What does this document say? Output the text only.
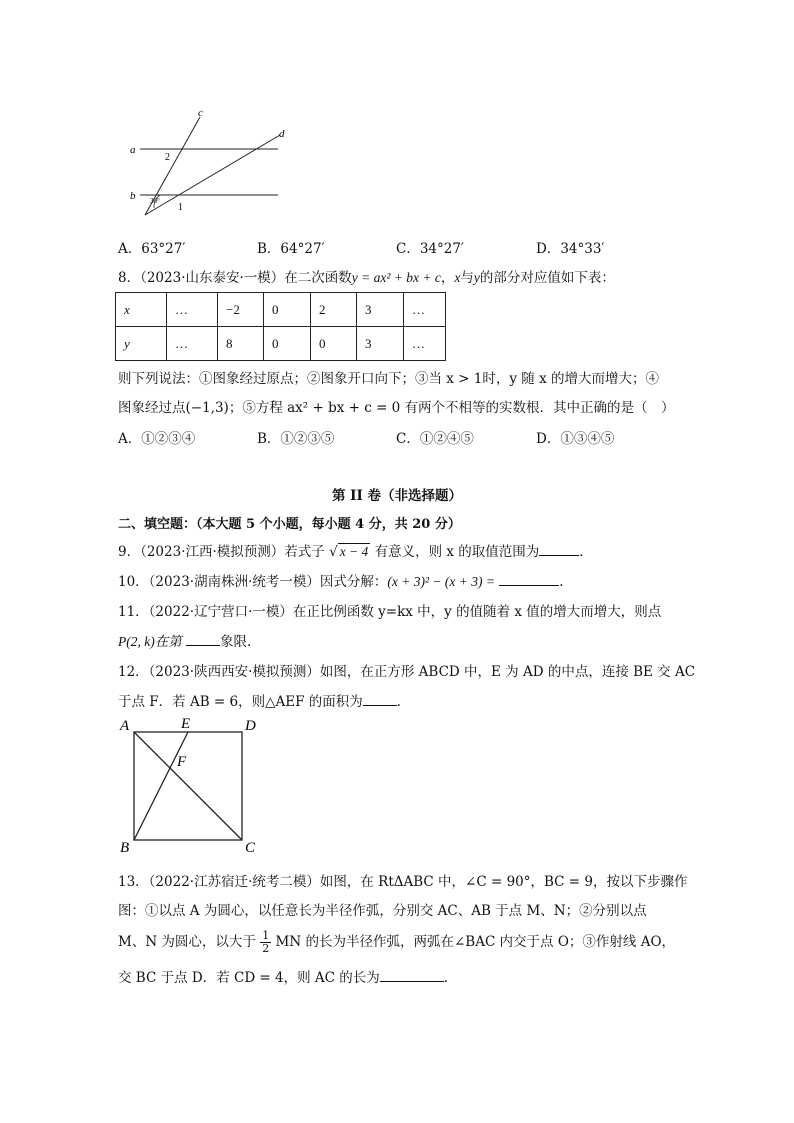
a
b
c
d
2
1
30°
A．63°27′	B．64°27′	C．34°27′	D．34°33′
8．（2023·山东泰安·一模）在二次函数y = ax² + bx + c，x与y的部分对应值如下表：
x	…	−2	0	2	3	…
y	…	8	0	0	3	…
则下列说法：①图象经过原点；②图象开口向下；③当 x > 1时，y 随 x 的增大而增大；④
图象经过点(−1,3)；⑤方程 ax² + bx + c = 0 有两个不相等的实数根．其中正确的是（　）
A．①②③④	B．①②③⑤	C．①②④⑤	D．①③④⑤
第 II 卷（非选择题）
二、填空题：（本大题 5 个小题，每小题 4 分，共 20 分）
9．（2023·江西·模拟预测）若式子 √ x − 4 有意义，则 x 的取值范围为	．
10．（2023·湖南株洲·统考一模）因式分解：(x + 3)² − (x + 3) =	.
11．（2022·辽宁营口·一模）在正比例函数 y=kx 中，y 的值随着 x 值的增大而增大，则点
P(2, k)在第	象限.
12．（2023·陕西西安·模拟预测）如图，在正方形 ABCD 中，E 为 AD 的中点，连接 BE 交 AC
于点 F．若 AB = 6，则△AEF 的面积为	．
A	E	D
F
B	C
13．（2022·江苏宿迁·统考二模）如图，在 RtΔABC 中，∠C = 90°，BC = 9，按以下步骤作
图：①以点 A 为圆心，以任意长为半径作弧，分别交 AC、AB 于点 M、N；②分别以点
M、N 为圆心，以大于 $\frac{1}{2}$ MN 的长为半径作弧，两弧在∠BAC 内交于点 O；③作射线 AO，
交 BC 于点 D．若 CD = 4，则 AC 的长为	．
